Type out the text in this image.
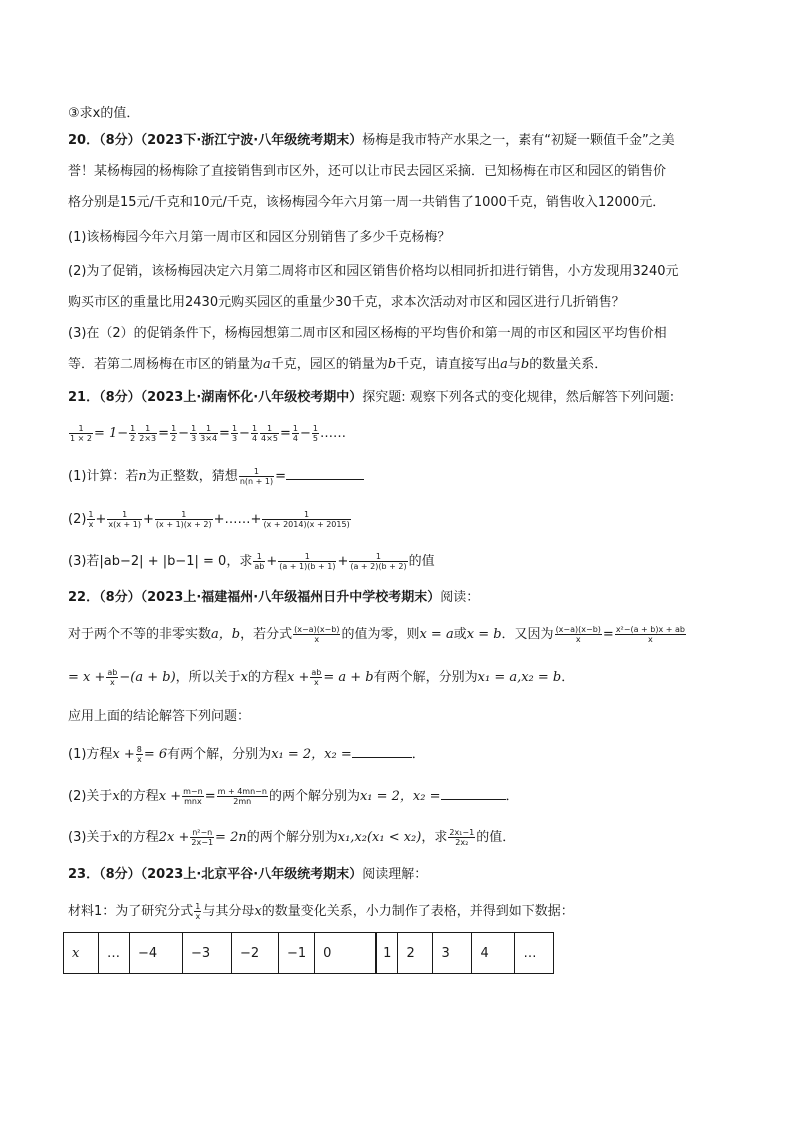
③求x的值．
20．（8分）（2023下·浙江宁波·八年级统考期末）杨梅是我市特产水果之一，素有“初疑一颗值千金”之美
誉！某杨梅园的杨梅除了直接销售到市区外，还可以让市民去园区采摘．已知杨梅在市区和园区的销售价
格分别是15元/千克和10元/千克，该杨梅园今年六月第一周一共销售了1000千克，销售收入12000元．
(1)该杨梅园今年六月第一周市区和园区分别销售了多少千克杨梅？
(2)为了促销，该杨梅园决定六月第二周将市区和园区销售价格均以相同折扣进行销售，小方发现用3240元
购买市区的重量比用2430元购买园区的重量少30千克，求本次活动对市区和园区进行几折销售？
(3)在（2）的促销条件下，杨梅园想第二周市区和园区杨梅的平均售价和第一周的市区和园区平均售价相
等．若第二周杨梅在市区的销量为a千克，园区的销量为b千克，请直接写出a与b的数量关系．
21．（8分）（2023上·湖南怀化·八年级校考期中）探究题: 观察下列各式的变化规律，然后解答下列问题:
$\frac{1}{1 \times 2} = 1- \frac{1}{2} \frac{1}{2\times 3} = \frac{1}{2} - \frac{1}{3} \frac{1}{3\times 4} = \frac{1}{3} - \frac{1}{4} \frac{1}{4\times 5} = \frac{1}{4} - \frac{1}{5}$ ……
(1)计算：若n为正整数，猜想 $\frac{1}{n(n + 1)}$ =
$(2) \frac{1}{x} + \frac{1}{x(x + 1)} + \frac{1}{(x + 1)(x + 2)}$ +……+ $\frac{1}{(x + 2014)(x + 2015)}$
(3)若|ab−2| + |b−1| = 0，求 $\frac{1}{ab} + \frac{1}{(a + 1)(b + 1)} + \frac{1}{(a + 2)(b + 2)}$ 的值
22．（8分）（2023上·福建福州·八年级福州日升中学校考期末）阅读：
对于两个不等的非零实数a，b，若分式 $\frac{(x-a)(x-b)}{x}$ 的值为零，则x = a或x = b．又因为 $\frac{(x-a)(x-b)}{x} = \frac{\text{x²−(a + b)x + ab}}{x}$
= $x + \frac{ab}{x} -(a + b)$，所以关于x的方程$x + \frac{ab}{x} = a + b$有两个解，分别为x₁ = a,x₂ = b．
应用上面的结论解答下列问题：
(1)方程$x + \frac{8}{x} = 6$有两个解，分别为x₁ = 2，x₂ =	．
(2)关于x的方程$x + \frac{m-n}{\text{mnx}} = \frac{m + 4mn-n}{2mn}$ 的两个解分别为x₁ = 2，x₂ =	．
(3)关于x的方程$2x + \frac{\text{n²−n}}{2x-1} = 2n$的两个解分别为x₁,x₂(x₁ < x₂)，求 $\frac{\text{2x₁−1}}{\text{2x₂}}$ 的值．
23．（8分）（2023上·北京平谷·八年级统考期末）阅读理解：
材料1：为了研究分式 $\frac{1}{x}$ 与其分母x的数量变化关系，小力制作了表格，并得到如下数据：
x	…	−4	−3	−2	−1	0		1	2	3	4	…
